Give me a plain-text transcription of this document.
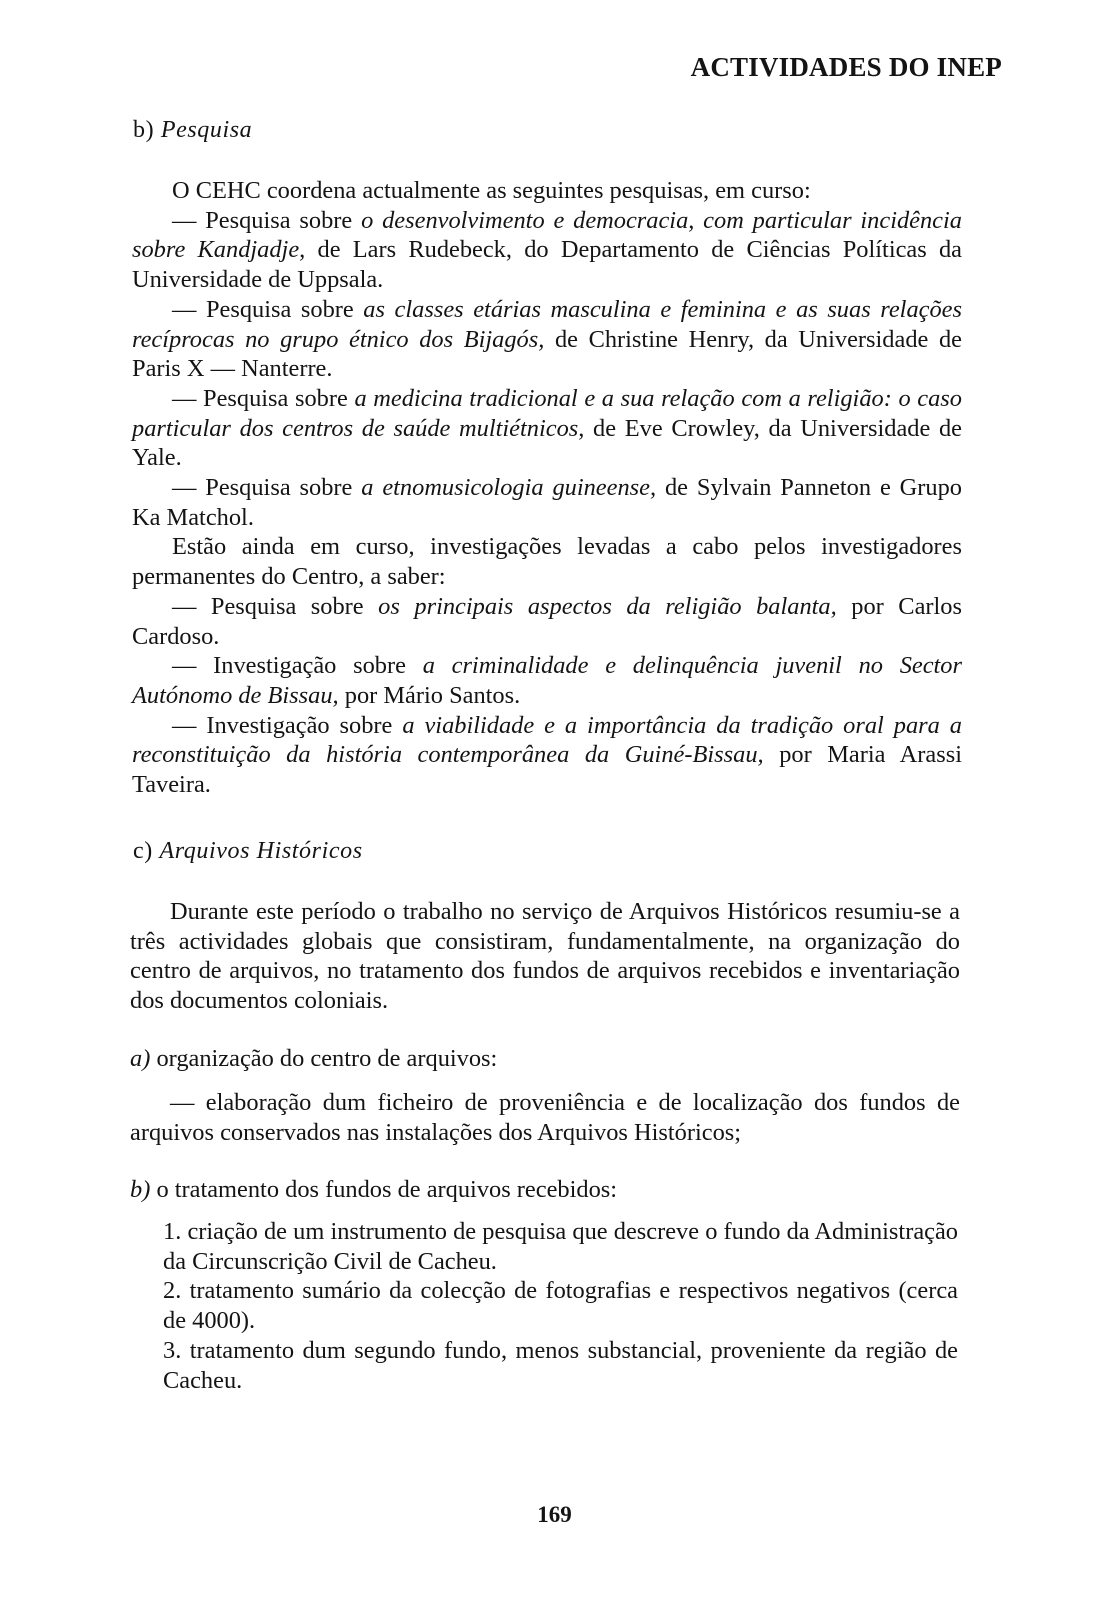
ACTIVIDADES DO INEP
b) Pesquisa

O CEHC coordena actualmente as seguintes pesquisas, em curso:

— Pesquisa sobre o desenvolvimento e democracia, com particular incidência sobre Kandjadje, de Lars Rudebeck, do Departamento de Ciências Políticas da Universidade de Uppsala.

— Pesquisa sobre as classes etárias masculina e feminina e as suas relações recíprocas no grupo étnico dos Bijagós, de Christine Henry, da Universidade de Paris X — Nanterre.

— Pesquisa sobre a medicina tradicional e a sua relação com a religião: o caso particular dos centros de saúde multiétnicos, de Eve Crowley, da Universidade de Yale.

— Pesquisa sobre a etnomusicologia guineense, de Sylvain Panneton e Grupo Ka Matchol.

Estão ainda em curso, investigações levadas a cabo pelos investigadores permanentes do Centro, a saber:

— Pesquisa sobre os principais aspectos da religião balanta, por Carlos Cardoso.

— Investigação sobre a criminalidade e delinquência juvenil no Sector Autónomo de Bissau, por Mário Santos.

— Investigação sobre a viabilidade e a importância da tradição oral para a reconstituição da história contemporânea da Guiné-Bissau, por Maria Arassi Taveira.

c) Arquivos Históricos

Durante este período o trabalho no serviço de Arquivos Históricos resumiu-se a três actividades globais que consistiram, fundamentalmente, na organização do centro de arquivos, no tratamento dos fundos de arquivos recebidos e inventariação dos documentos coloniais.

a) organização do centro de arquivos:

— elaboração dum ficheiro de proveniência e de localização dos fundos de arquivos conservados nas instalações dos Arquivos Históricos;

b) o tratamento dos fundos de arquivos recebidos:

1. criação de um instrumento de pesquisa que descreve o fundo da Administração da Circunscrição Civil de Cacheu.

2. tratamento sumário da colecção de fotografias e respectivos negativos (cerca de 4000).

3. tratamento dum segundo fundo, menos substancial, proveniente da região de Cacheu.

169
